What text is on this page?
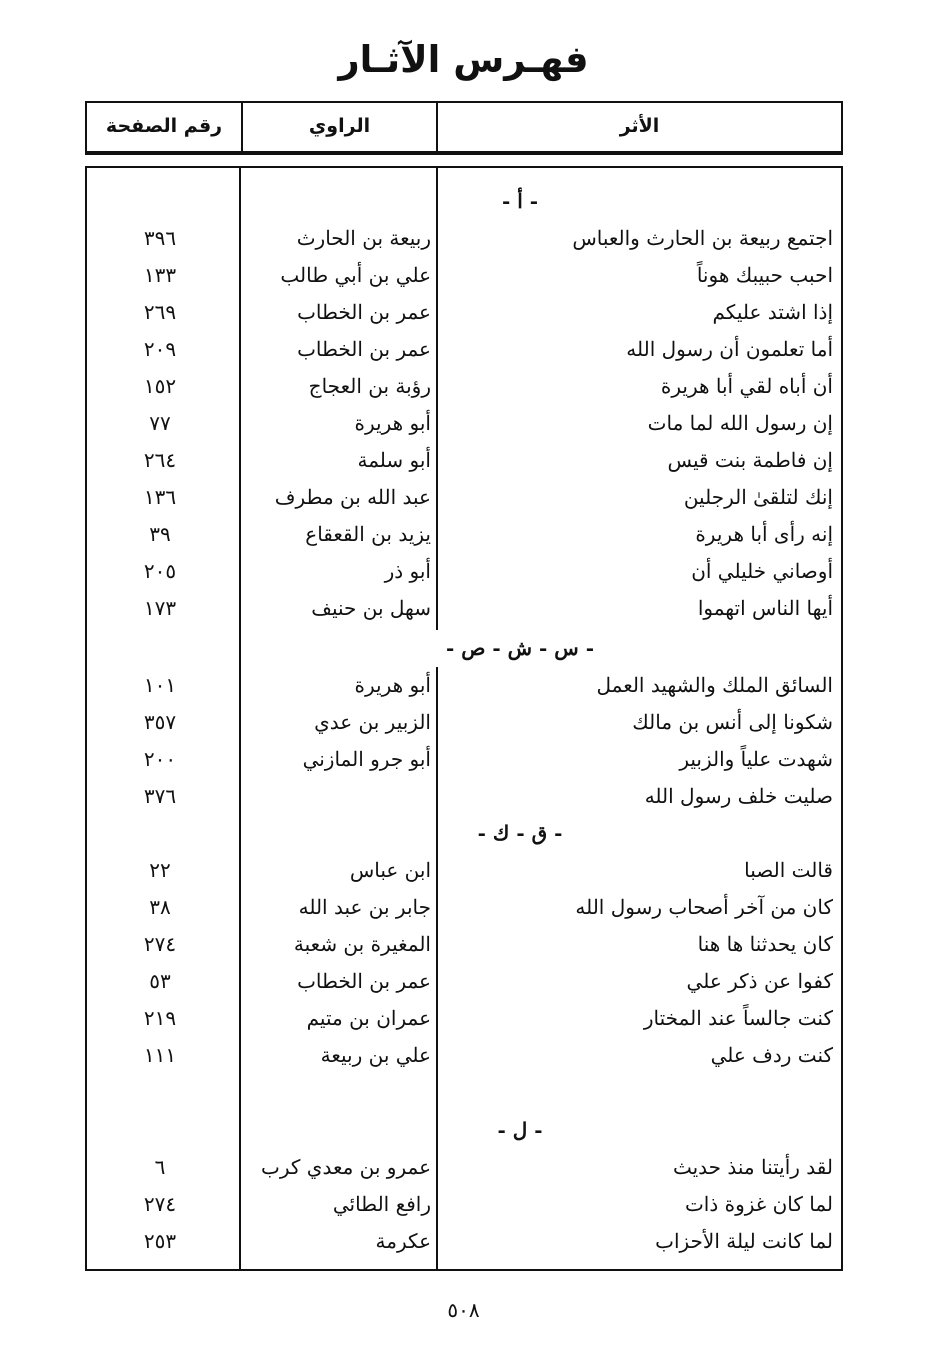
فهـرس الآثـار
رقم الصفحة	الراوي	الأثر
- أ -
اجتمع ربيعة بن الحارث والعباس
ربيعة بن الحارث
٣٩٦
احبب حبيبك هوناً
علي بن أبي طالب
١٣٣
إذا اشتد عليكم
عمر بن الخطاب
٢٦٩
أما تعلمون أن رسول الله
عمر بن الخطاب
٢٠٩
أن أباه لقي أبا هريرة
رؤبة بن العجاج
١٥٢
إن رسول الله لما مات
أبو هريرة
٧٧
إن فاطمة بنت قيس
أبو سلمة
٢٦٤
إنك لتلقىٰ الرجلين
عبد الله بن مطرف
١٣٦
إنه رأى أبا هريرة
يزيد بن القعقاع
٣٩
أوصاني خليلي أن
أبو ذر
٢٠٥
أيها الناس اتهموا
سهل بن حنيف
١٧٣
- س - ش - ص -
السائق الملك والشهيد العمل
أبو هريرة
١٠١
شكونا إلى أنس بن مالك
الزبير بن عدي
٣٥٧
شهدت علياً والزبير
أبو جرو المازني
٢٠٠
صليت خلف رسول الله
٣٧٦
- ق - ك -
قالت الصبا
ابن عباس
٢٢
كان من آخر أصحاب رسول الله
جابر بن عبد الله
٣٨
كان يحدثنا ها هنا
المغيرة بن شعبة
٢٧٤
كفوا عن ذكر علي
عمر بن الخطاب
٥٣
كنت جالساً عند المختار
عمران بن متيم
٢١٩
كنت ردف علي
علي بن ربيعة
١١١
- ل -
لقد رأيتنا منذ حديث
عمرو بن معدي كرب
٦
لما كان غزوة ذات
رافع الطائي
٢٧٤
لما كانت ليلة الأحزاب
عكرمة
٢٥٣
٥٠٨
